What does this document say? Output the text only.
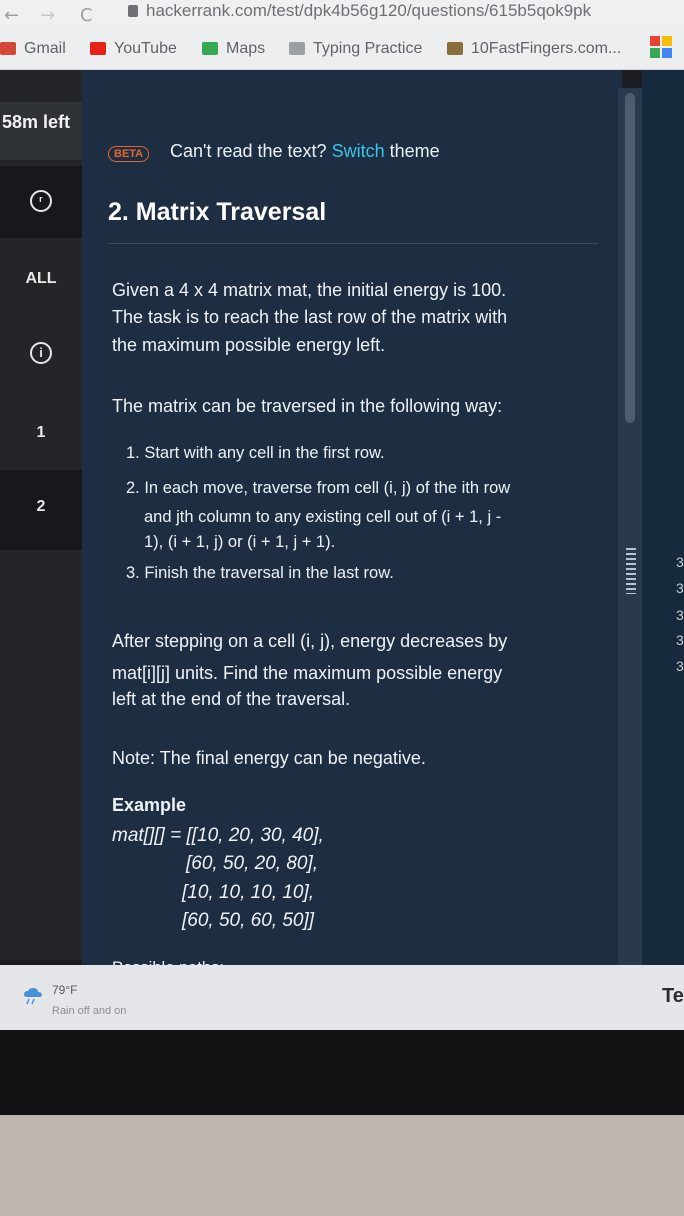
← → C	hackerrank.com/test/dpk4b56g120/questions/615b5qok9pk
Gmail	YouTube	Maps	Typing Practice	10FastFingers.com...
58m left
ʳ
ALL
i
1
2
BETA	Can't read the text? Switch theme
2. Matrix Traversal
Given a 4 x 4 matrix mat, the initial energy is 100.
The task is to reach the last row of the matrix with
the maximum possible energy left.
The matrix can be traversed in the following way:
1. Start with any cell in the first row.
2. In each move, traverse from cell (i, j) of the ith row
and jth column to any existing cell out of (i + 1, j -
1), (i + 1, j) or (i + 1, j + 1).
3. Finish the traversal in the last row.
After stepping on a cell (i, j), energy decreases by
mat[i][j] units. Find the maximum possible energy
left at the end of the traversal.
Note: The final energy can be negative.
Example
mat[][] = [[10, 20, 30, 40],
[60, 50, 20, 80],
[10, 10, 10, 10],
[60, 50, 60, 50]]
3
3
3
3
3
79°F
Rain off and on
Te
